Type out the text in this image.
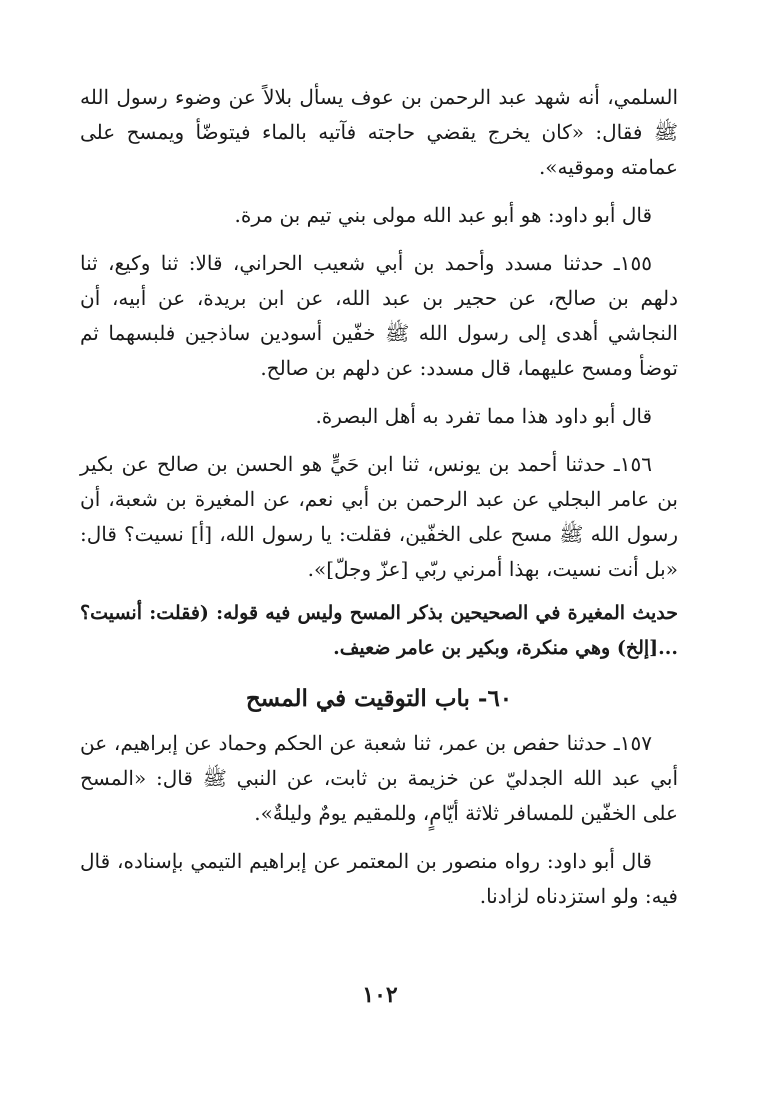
السلمي، أنه شهد عبد الرحمن بن عوف يسأل بلالاً عن وضوء رسول الله ﷺ فقال: «كان يخرج يقضي حاجته فآتيه بالماء فيتوضّأ ويمسح على عمامته وموقيه».

قال أبو داود: هو أبو عبد الله مولى بني تيم بن مرة.

١٥٥ـ حدثنا مسدد وأحمد بن أبي شعيب الحراني، قالا: ثنا وكيع، ثنا دلهم بن صالح، عن حجير بن عبد الله، عن ابن بريدة، عن أبيه، أن النجاشي أهدى إلى رسول الله ﷺ خفّين أسودين ساذجين فلبسهما ثم توضأ ومسح عليهما، قال مسدد: عن دلهم بن صالح.

قال أبو داود هذا مما تفرد به أهل البصرة.

١٥٦ـ حدثنا أحمد بن يونس، ثنا ابن حَيٍّ هو الحسن بن صالح عن بكير بن عامر البجلي عن عبد الرحمن بن أبي نعم، عن المغيرة بن شعبة، أن رسول الله ﷺ مسح على الخفّين، فقلت: يا رسول الله، [أ] نسيت؟ قال: «بل أنت نسيت، بهذا أمرني ربّي [عزّ وجلّ]».

حديث المغيرة في الصحيحين بذكر المسح وليس فيه قوله: (فقلت: أنسيت؟ ...[إلخ) وهي منكرة، وبكير بن عامر ضعيف.

٦٠- باب التوقيت في المسح

١٥٧ـ حدثنا حفص بن عمر، ثنا شعبة عن الحكم وحماد عن إبراهيم، عن أبي عبد الله الجدليّ عن خزيمة بن ثابت، عن النبي ﷺ قال: «المسح على الخفّين للمسافر ثلاثة أيّامٍ، وللمقيم يومٌ وليلةٌ».

قال أبو داود: رواه منصور بن المعتمر عن إبراهيم التيمي بإسناده، قال فيه: ولو استزدناه لزادنا.

١٠٢
